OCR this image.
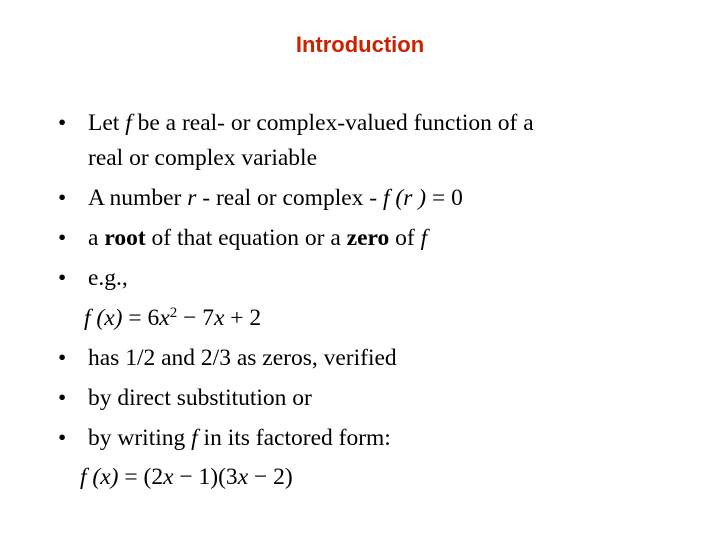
Introduction

• Let f be a real- or complex-valued function of a

real or complex variable

• A number r - real or complex - f (r ) = 0

• a root of that equation or a zero of f

• e.g.,

f $(x) = 6x^2 - 7x + 2$

• has 1/2 and 2/3 as zeros, verified

• by direct substitution or

• by writing f in its factored form:

f (x) = (2x − 1)(3x − 2)
